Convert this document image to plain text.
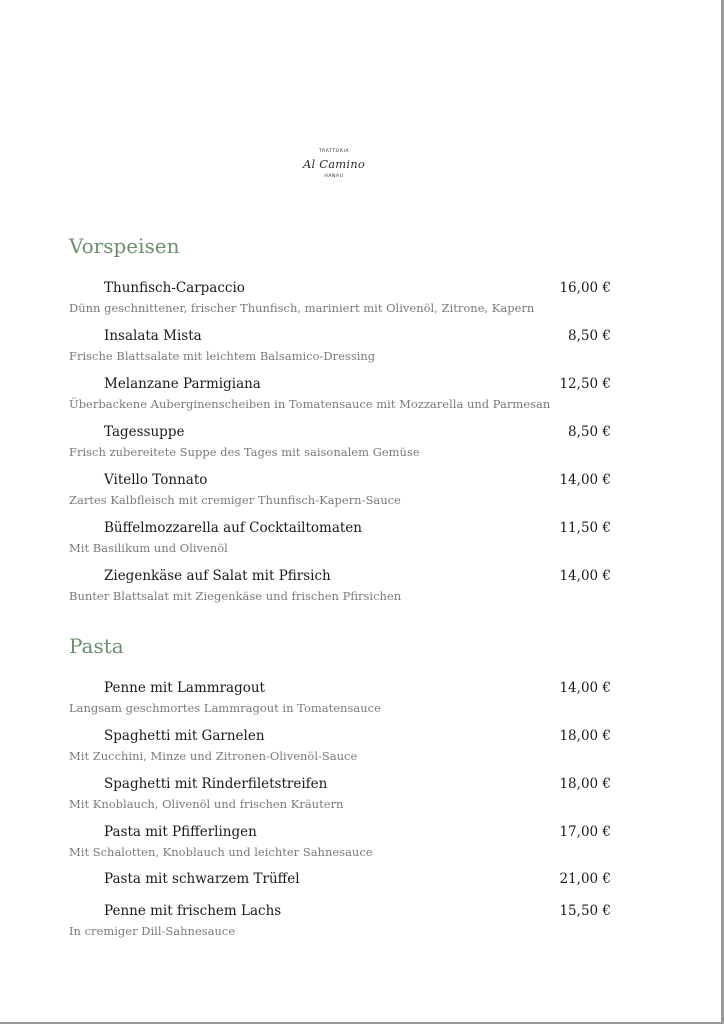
TRATTORIA
Al Camino
HANAU
Vorspeisen
Thunfisch-Carpaccio	16,00 €
Dünn geschnittener, frischer Thunfisch, mariniert mit Olivenöl, Zitrone, Kapern
Insalata Mista	8,50 €
Frische Blattsalate mit leichtem Balsamico-Dressing
Melanzane Parmigiana	12,50 €
Überbackene Auberginenscheiben in Tomatensauce mit Mozzarella und Parmesan
Tagessuppe	8,50 €
Frisch zubereitete Suppe des Tages mit saisonalem Gemüse
Vitello Tonnato	14,00 €
Zartes Kalbfleisch mit cremiger Thunfisch-Kapern-Sauce
Büffelmozzarella auf Cocktailtomaten	11,50 €
Mit Basilikum und Olivenöl
Ziegenkäse auf Salat mit Pfirsich	14,00 €
Bunter Blattsalat mit Ziegenkäse und frischen Pfirsichen
Pasta
Penne mit Lammragout	14,00 €
Langsam geschmortes Lammragout in Tomatensauce
Spaghetti mit Garnelen	18,00 €
Mit Zucchini, Minze und Zitronen-Olivenöl-Sauce
Spaghetti mit Rinderfiletstreifen	18,00 €
Mit Knoblauch, Olivenöl und frischen Kräutern
Pasta mit Pfifferlingen	17,00 €
Mit Schalotten, Knoblauch und leichter Sahnesauce
Pasta mit schwarzem Trüffel	21,00 €
Penne mit frischem Lachs	15,50 €
In cremiger Dill-Sahnesauce
